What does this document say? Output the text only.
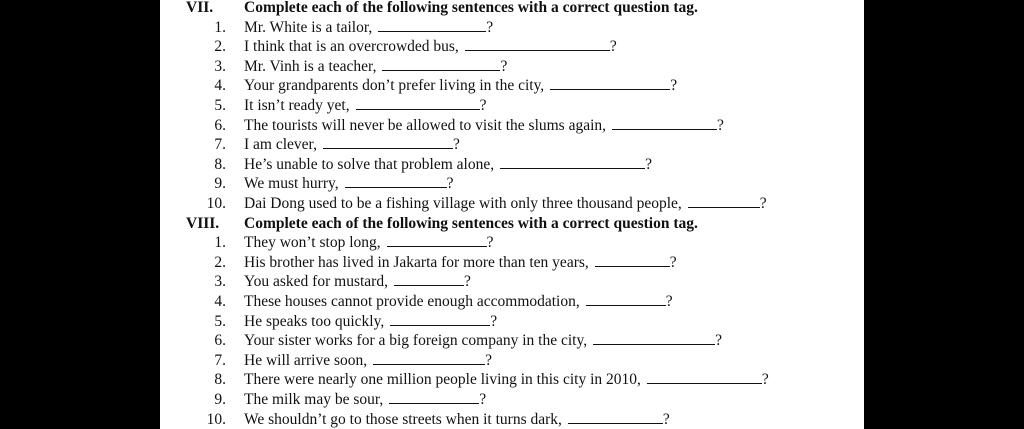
VII. Complete each of the following sentences with a correct question tag.
1. Mr. White is a tailor,	?
2. I think that is an overcrowded bus,	?
3. Mr. Vinh is a teacher,	?
4. Your grandparents don’t prefer living in the city,	?
5. It isn’t ready yet,	?
6. The tourists will never be allowed to visit the slums again,	?
7. I am clever,	?
8. He’s unable to solve that problem alone,	?
9. We must hurry,	?
10. Dai Dong used to be a fishing village with only three thousand people,	?
VIII. Complete each of the following sentences with a correct question tag.
1. They won’t stop long,	?
2. His brother has lived in Jakarta for more than ten years,	?
3. You asked for mustard,	?
4. These houses cannot provide enough accommodation,	?
5. He speaks too quickly,	?
6. Your sister works for a big foreign company in the city,	?
7. He will arrive soon,	?
8. There were nearly one million people living in this city in 2010,	?
9. The milk may be sour,	?
10. We shouldn’t go to those streets when it turns dark,	?
